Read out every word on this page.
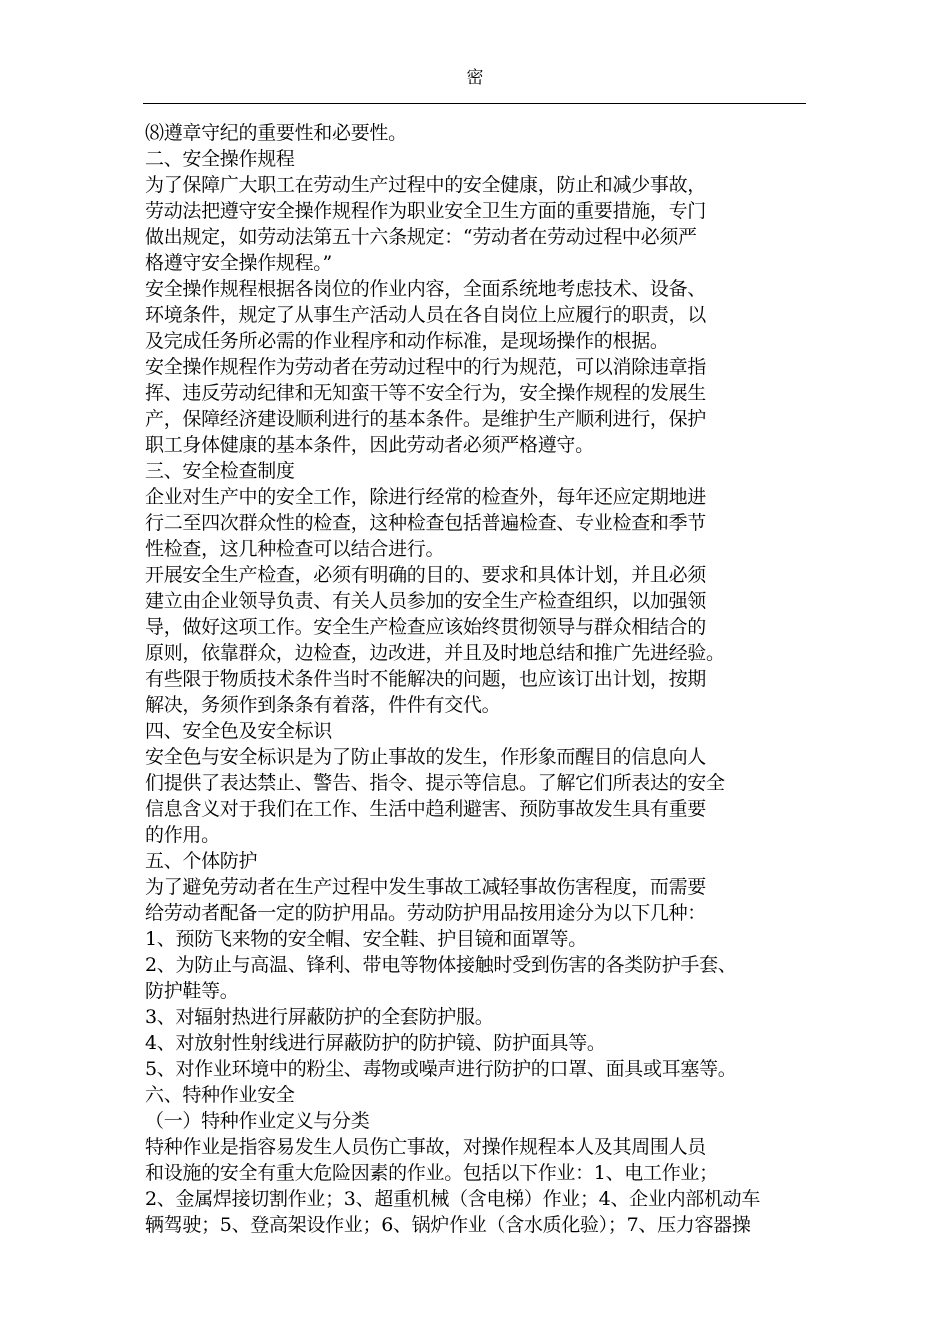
密
⑻遵章守纪的重要性和必要性。
二、安全操作规程
为了保障广大职工在劳动生产过程中的安全健康，防止和减少事故，
劳动法把遵守安全操作规程作为职业安全卫生方面的重要措施，专门
做出规定，如劳动法第五十六条规定：“劳动者在劳动过程中必须严
格遵守安全操作规程。”
安全操作规程根据各岗位的作业内容，全面系统地考虑技术、设备、
环境条件，规定了从事生产活动人员在各自岗位上应履行的职责，以
及完成任务所必需的作业程序和动作标准，是现场操作的根据。
安全操作规程作为劳动者在劳动过程中的行为规范，可以消除违章指
挥、违反劳动纪律和无知蛮干等不安全行为，安全操作规程的发展生
产，保障经济建设顺利进行的基本条件。是维护生产顺利进行，保护
职工身体健康的基本条件，因此劳动者必须严格遵守。
三、安全检查制度
企业对生产中的安全工作，除进行经常的检查外，每年还应定期地进
行二至四次群众性的检查，这种检查包括普遍检查、专业检查和季节
性检查，这几种检查可以结合进行。
开展安全生产检查，必须有明确的目的、要求和具体计划，并且必须
建立由企业领导负责、有关人员参加的安全生产检查组织，以加强领
导，做好这项工作。安全生产检查应该始终贯彻领导与群众相结合的
原则，依靠群众，边检查，边改进，并且及时地总结和推广先进经验。
有些限于物质技术条件当时不能解决的问题，也应该订出计划，按期
解决，务须作到条条有着落，件件有交代。
四、安全色及安全标识
安全色与安全标识是为了防止事故的发生，作形象而醒目的信息向人
们提供了表达禁止、警告、指令、提示等信息。了解它们所表达的安全
信息含义对于我们在工作、生活中趋利避害、预防事故发生具有重要
的作用。
五、个体防护
为了避免劳动者在生产过程中发生事故工减轻事故伤害程度，而需要
给劳动者配备一定的防护用品。劳动防护用品按用途分为以下几种：
1、预防飞来物的安全帽、安全鞋、护目镜和面罩等。
2、为防止与高温、锋利、带电等物体接触时受到伤害的各类防护手套、
防护鞋等。
3、对辐射热进行屏蔽防护的全套防护服。
4、对放射性射线进行屏蔽防护的防护镜、防护面具等。
5、对作业环境中的粉尘、毒物或噪声进行防护的口罩、面具或耳塞等。
六、特种作业安全
（一）特种作业定义与分类
特种作业是指容易发生人员伤亡事故，对操作规程本人及其周围人员
和设施的安全有重大危险因素的作业。包括以下作业：1、电工作业；
2、金属焊接切割作业；3、超重机械（含电梯）作业；4、企业内部机动车
辆驾驶；5、登高架设作业；6、锅炉作业（含水质化验）；7、压力容器操
